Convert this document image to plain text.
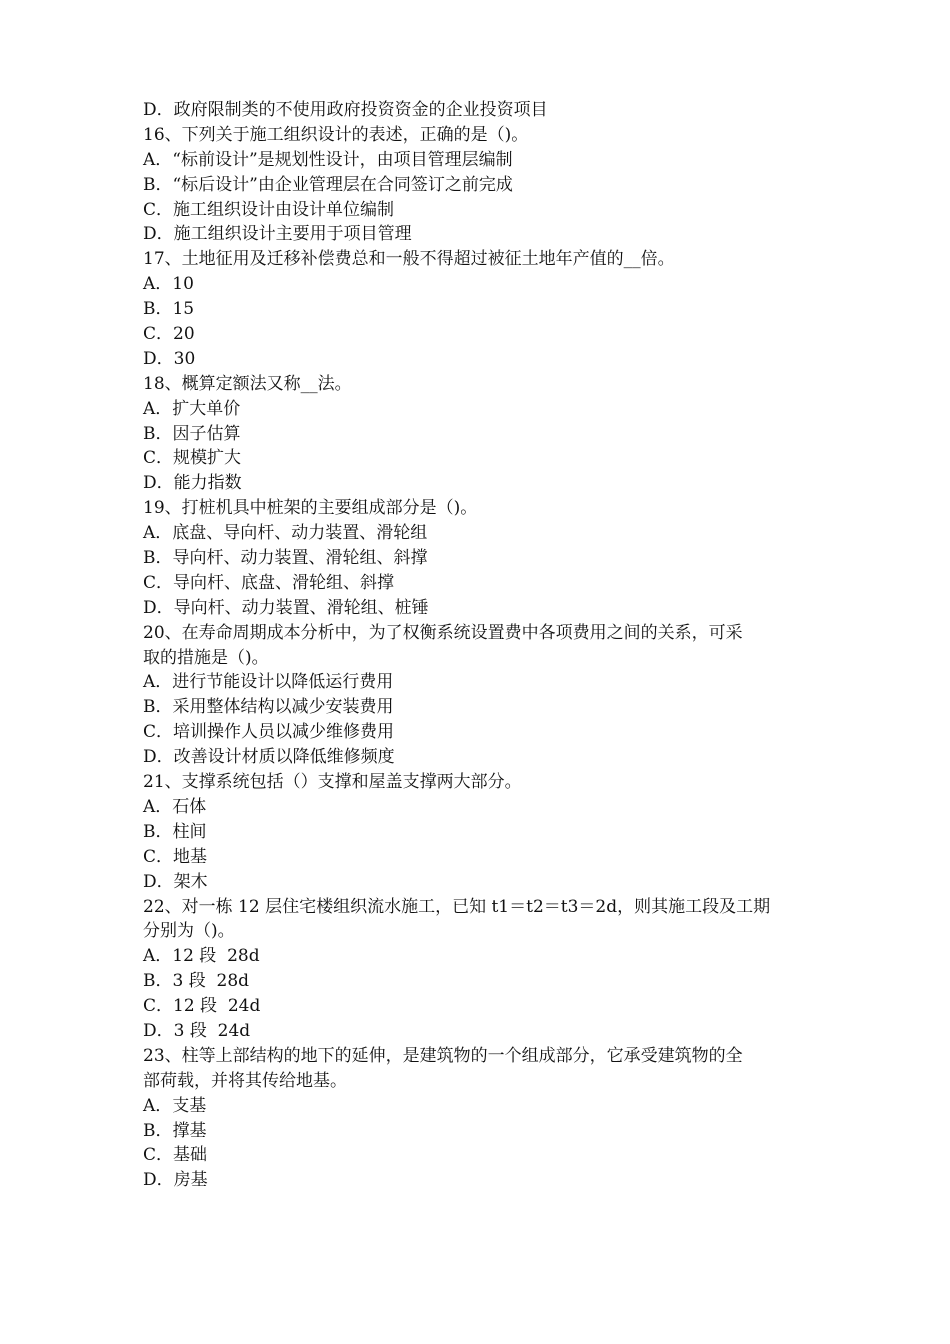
D．政府限制类的不使用政府投资资金的企业投资项目
16、下列关于施工组织设计的表述，正确的是（)。
A．“标前设计”是规划性设计，由项目管理层编制
B．“标后设计”由企业管理层在合同签订之前完成
C．施工组织设计由设计单位编制
D．施工组织设计主要用于项目管理
17、土地征用及迁移补偿费总和一般不得超过被征土地年产值的__倍。
A．10
B．15
C．20
D．30
18、概算定额法又称__法。
A．扩大单价
B．因子估算
C．规模扩大
D．能力指数
19、打桩机具中桩架的主要组成部分是（)。
A．底盘、导向杆、动力装置、滑轮组
B．导向杆、动力装置、滑轮组、斜撑
C．导向杆、底盘、滑轮组、斜撑
D．导向杆、动力装置、滑轮组、桩锤
20、在寿命周期成本分析中，为了权衡系统设置费中各项费用之间的关系，可采
取的措施是（)。
A．进行节能设计以降低运行费用
B．采用整体结构以减少安装费用
C．培训操作人员以减少维修费用
D．改善设计材质以降低维修频度
21、支撑系统包括（）支撑和屋盖支撑两大部分。
A．石体
B．柱间
C．地基
D．架木
22、对一栋 12 层住宅楼组织流水施工，已知 t1＝t2＝t3＝2d，则其施工段及工期
分别为（)。
A．12 段  28d
B．3 段  28d
C．12 段  24d
D．3 段  24d
23、柱等上部结构的地下的延伸，是建筑物的一个组成部分，它承受建筑物的全
部荷载，并将其传给地基。
A．支基
B．撑基
C．基础
D．房基
